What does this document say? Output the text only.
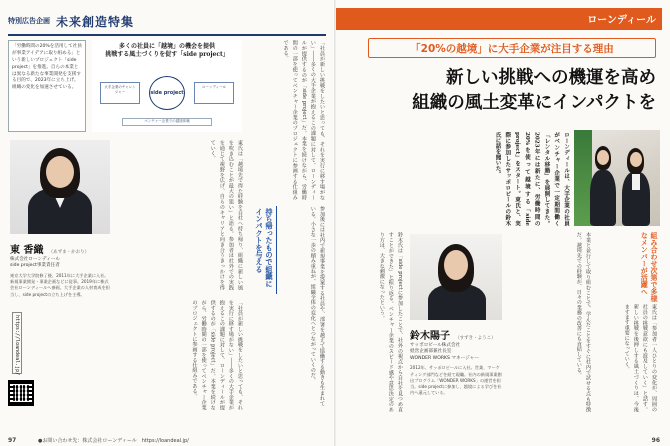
特別広告企画 未来創造特集
「労働時間の20%を活用して社員が事業アイデアに取り組める」という新しいプロジェクト「side project」を推進。自らの本業とは異なる新たな事業開発を支援する目的で、2023年に立ち上げ。組織の変化を加速させている。
多くの社員に「越境」の機会を提供
挑戦する風土づくりを促す「side project」
大手企業のチャレンジャー	side project
ローンディール
ベンチャー企業での越境体験	「社員が新しい挑戦をしたいと思っても、それを実行に移す場がない」――多くの大手企業が抱えるこの課題に対して、ローンディールが提供するのが「side project」だ。本業を続けながら、労働時間の一部を使ってベンチャー企業のプロジェクトに参画する仕組みである。
東 香織 （あずま・かおり）
株式会社ローンディール
side project事業責任者
東京大学大学院修了後、2011年に大手企業に入社。新規事業開発・事業企画などに従事。2019年に株式会社ローンディールへ参画。大手企業の人材育成を担当し、side projectの立ち上げを主導。
東氏は「越境先で得た経験を自社へ持ち帰り、組織に新しい風を吹き込むことが最大の狙い」と語る。参加者は社外での実践を通じて視野を広げ、自らのキャリアと向き合うきっかけを得ていく。
持ち帰ったもので組織にインパクトを与える	参加後には社内で新規事業を提案する社員や、部署を越えて協働する動きも生まれている。小さな一歩の積み重ねが、組織全体の変化へとつながっていくのだ。
「社員が新しい挑戦をしたいと思っても、それを実行に移す場がない」――多くの大手企業が抱えるこの課題に対して、ローンディールが提供するのが「side project」だ。本業を続けながら、労働時間の一部を使ってベンチャー企業のプロジェクトに参画する仕組みである。
https://loandeal.jp/
97	●お問い合わせ先：株式会社ローンディール　https://loandeal.jp/
ローンディール
「20%の越境」に大手企業が注目する理由
新しい挑戦への機運を高め
組織の風土変革にインパクトを
ローンディールは、大手企業の社員がベンチャー企業で一定期間働く「レンタル移籍」を展開してきた。2023年には新たに、労働時間の20%を使って越境する「side project」をスタート。東氏と、実際に参加したサッポロビールの鈴木氏に話を聞いた。
鈴木氏は「side projectに参加したことで、社外の視点から自社を見つめ直すことができた」と振り返る。ベンチャー企業のスピード感や意思決定のあり方は、大きな刺激になったという。
鈴木陽子 （すずき・ようこ）
サッポロビール株式会社
経営企画部兼社長室
WONDER WORKS マネージャー
2012年、サッポロビールに入社。営業、マーケティング部門などを経て現職。社内の新規事業創出プログラム「WONDER WORKS」の運営を担当。side projectに参加し、越境による学びを社内へ還元している。	本業と並行して取り組むことで、学んだことをすぐに社内で試せる点も特徴だ。越境先での経験が、日々の業務の改善にも直結している。	組み合わせ次第で多様なメンバーが活躍へ
東氏は「参加者一人ひとりの変化が、周囲の社員の挑戦意欲にも波及していく」と話す。新しい挑戦を後押しする風土づくりは、今後ますます重要になっていく。
96
